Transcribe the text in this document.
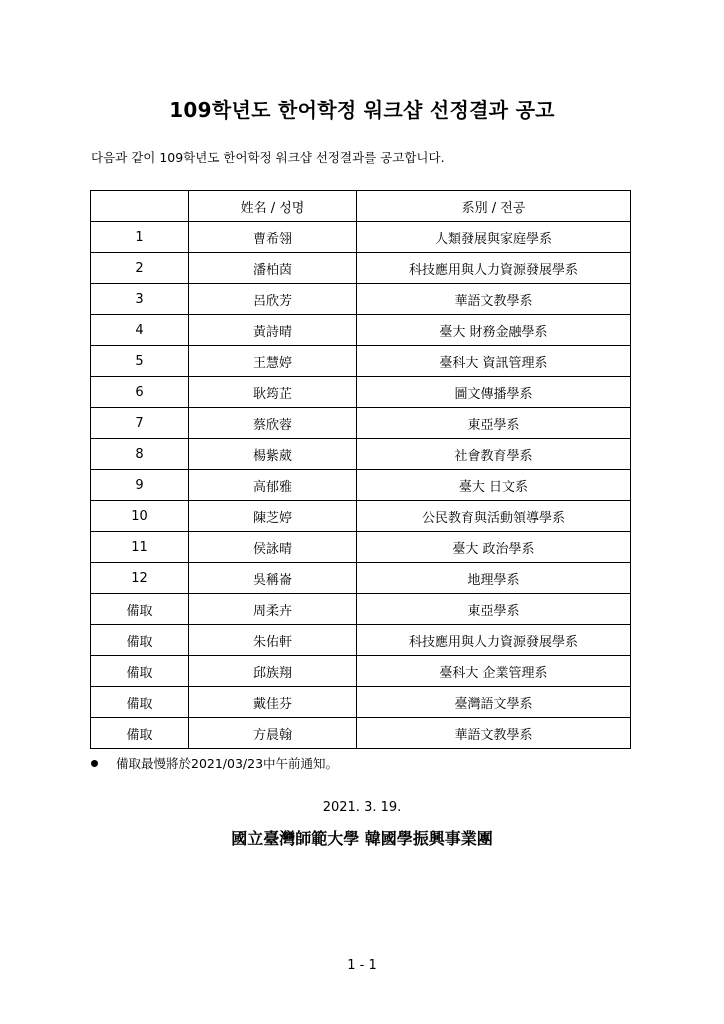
109학년도 한어학정 워크샵 선정결과 공고
다음과 같이 109학년도 한어학정 워크샵 선정결과를 공고합니다.
	姓名 / 성명	系別 / 전공
1	曹希翎	人類發展與家庭學系
2	潘柏茵	科技應用與人力資源發展學系
3	呂欣芳	華語文教學系
4	黃詩晴	臺大 財務金融學系
5	王慧婷	臺科大 資訊管理系
6	耿筠芷	圖文傳播學系
7	蔡欣蓉	東亞學系
8	楊紫葳	社會教育學系
9	高郁雅	臺大 日文系
10	陳芝婷	公民教育與活動領導學系
11	侯詠晴	臺大 政治學系
12	吳稱崙	地理學系
備取	周柔卉	東亞學系
備取	朱佑軒	科技應用與人力資源發展學系
備取	邱族翔	臺科大 企業管理系
備取	戴佳芬	臺灣語文學系
備取	方晨翰	華語文教學系
備取最慢將於2021/03/23中午前通知。
2021. 3. 19.
國立臺灣師範大學 韓國學振興事業團
1 - 1
